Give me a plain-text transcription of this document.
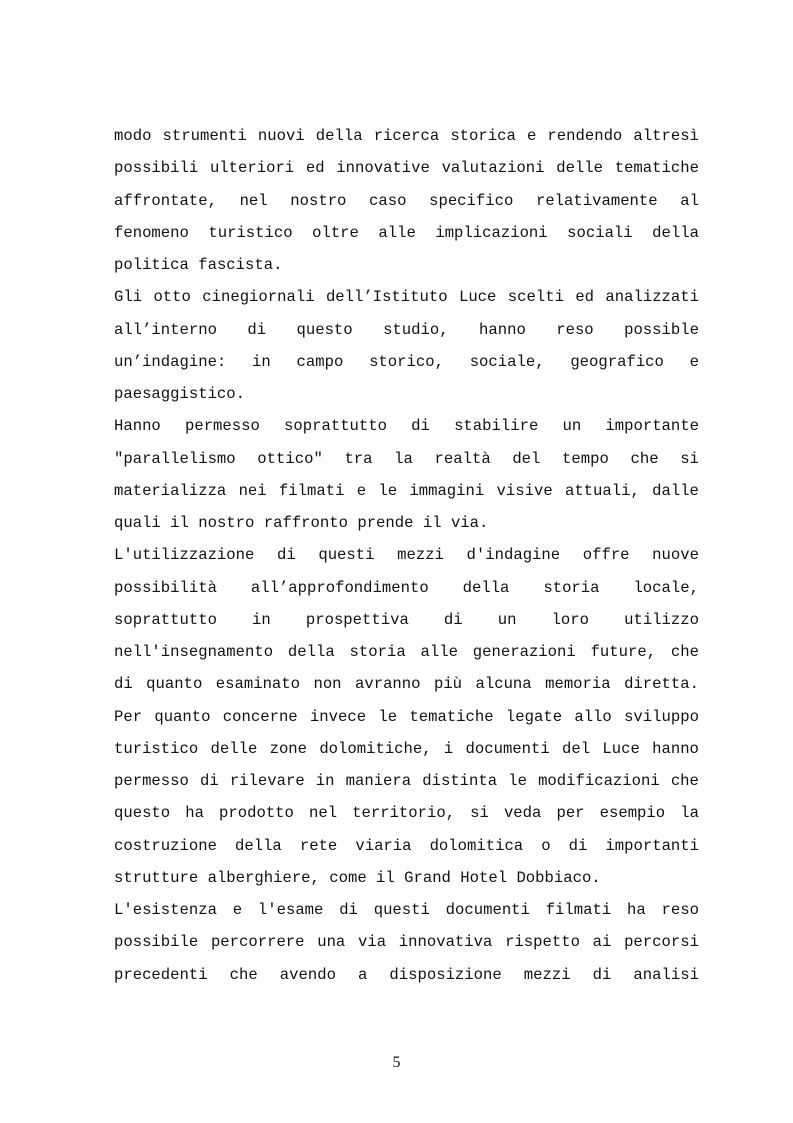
modo strumenti nuovi della ricerca storica e rendendo altresì
possibili ulteriori ed innovative valutazioni delle tematiche
affrontate, nel nostro caso specifico relativamente al
fenomeno turistico oltre alle implicazioni sociali della
politica fascista.
Gli otto cinegiornali dell’Istituto Luce scelti ed analizzati
all’interno di questo studio, hanno reso possible
un’indagine: in campo storico, sociale, geografico e
paesaggistico.
Hanno permesso soprattutto di stabilire un importante
"parallelismo ottico" tra la realtà del tempo che si
materializza nei filmati e le immagini visive attuali, dalle
quali il nostro raffronto prende il via.
L'utilizzazione di questi mezzi d'indagine offre nuove
possibilità all’approfondimento della storia locale,
soprattutto in prospettiva di un loro utilizzo
nell'insegnamento della storia alle generazioni future, che
di quanto esaminato non avranno più alcuna memoria diretta.
Per quanto concerne invece le tematiche legate allo sviluppo
turistico delle zone dolomitiche, i documenti del Luce hanno
permesso di rilevare in maniera distinta le modificazioni che
questo ha prodotto nel territorio, si veda per esempio la
costruzione della rete viaria dolomitica o di importanti
strutture alberghiere, come il Grand Hotel Dobbiaco.
L'esistenza e l'esame di questi documenti filmati ha reso
possibile percorrere una via innovativa rispetto ai percorsi
precedenti che avendo a disposizione mezzi di analisi
5
